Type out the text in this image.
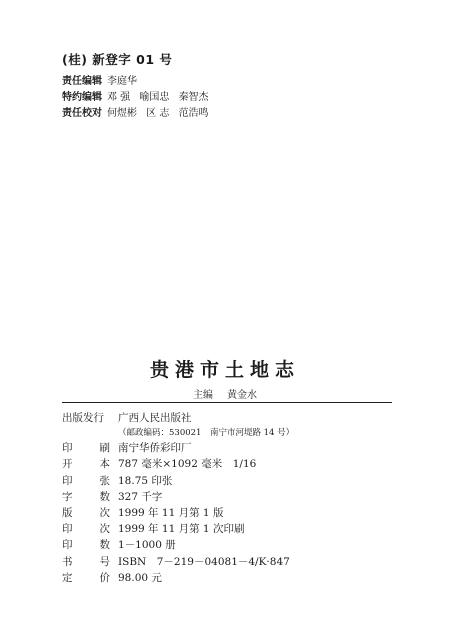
(桂) 新登字 01 号
责任编辑 李庭华
特约编辑 邓 强 喻国忠 秦智杰
责任校对 何煜彬 区 志 范浩鸣
贵港市土地志
主编 黄金水
出版发行	广西人民出版社
（邮政编码：530021　南宁市河堤路 14 号）
印	刷 南宁华侨彩印厂
开	本 787 毫米×1092 毫米　1/16
印	张 18.75 印张
字	数 327 千字
版	次 1999 年 11 月第 1 版
印	次 1999 年 11 月第 1 次印刷
印	数 1－1000 册
书	号 ISBN　7－219－04081－4/K·847
定	价 98.00 元
